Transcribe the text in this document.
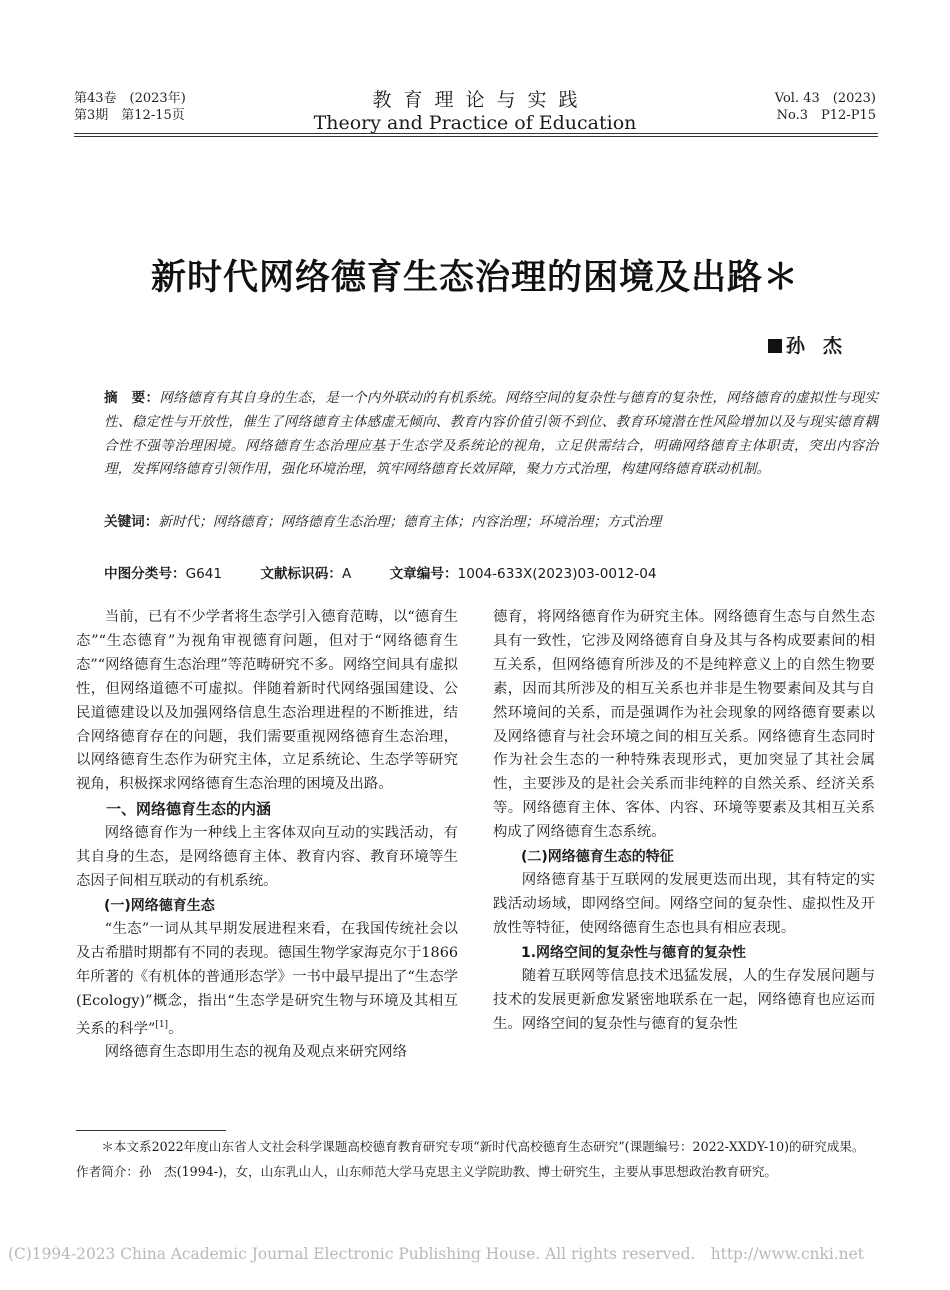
第43卷　(2023年)
第3期　第12-15页
教育理论与实践
Theory and Practice of Education
Vol. 43　(2023)
No.3　P12-P15
新时代网络德育生态治理的困境及出路＊
孙杰
摘　要：网络德育有其自身的生态，是一个内外联动的有机系统。网络空间的复杂性与德育的复杂性，网络德育的虚拟性与现实性、稳定性与开放性，催生了网络德育主体感虚无倾向、教育内容价值引领不到位、教育环境潜在性风险增加以及与现实德育耦合性不强等治理困境。网络德育生态治理应基于生态学及系统论的视角，立足供需结合，明确网络德育主体职责，突出内容治理，发挥网络德育引领作用，强化环境治理，筑牢网络德育长效屏障，聚力方式治理，构建网络德育联动机制。
关键词：新时代；网络德育；网络德育生态治理；德育主体；内容治理；环境治理；方式治理
中图分类号：G641	文献标识码：A	文章编号：1004-633X(2023)03-0012-04

当前，已有不少学者将生态学引入德育范畴，以“德育生态”“生态德育”为视角审视德育问题，但对于“网络德育生态”“网络德育生态治理”等范畴研究不多。网络空间具有虚拟性，但网络道德不可虚拟。伴随着新时代网络强国建设、公民道德建设以及加强网络信息生态治理进程的不断推进，结合网络德育存在的问题，我们需要重视网络德育生态治理，以网络德育生态作为研究主体，立足系统论、生态学等研究视角，积极探求网络德育生态治理的困境及出路。

一、网络德育生态的内涵

网络德育作为一种线上主客体双向互动的实践活动，有其自身的生态，是网络德育主体、教育内容、教育环境等生态因子间相互联动的有机系统。

(一)网络德育生态

“生态”一词从其早期发展进程来看，在我国传统社会以及古希腊时期都有不同的表现。德国生物学家海克尔于1866年所著的《有机体的普通形态学》一书中最早提出了“生态学(Ecology)”概念，指出“生态学是研究生物与环境及其相互关系的科学”[1]。

网络德育生态即用生态的视角及观点来研究网络

德育，将网络德育作为研究主体。网络德育生态与自然生态具有一致性，它涉及网络德育自身及其与各构成要素间的相互关系，但网络德育所涉及的不是纯粹意义上的自然生物要素，因而其所涉及的相互关系也并非是生物要素间及其与自然环境间的关系，而是强调作为社会现象的网络德育要素以及网络德育与社会环境之间的相互关系。网络德育生态同时作为社会生态的一种特殊表现形式，更加突显了其社会属性，主要涉及的是社会关系而非纯粹的自然关系、经济关系等。网络德育主体、客体、内容、环境等要素及其相互关系构成了网络德育生态系统。

(二)网络德育生态的特征

网络德育基于互联网的发展更迭而出现，其有特定的实践活动场域，即网络空间。网络空间的复杂性、虚拟性及开放性等特征，使网络德育生态也具有相应表现。

1.网络空间的复杂性与德育的复杂性

随着互联网等信息技术迅猛发展，人的生存发展问题与技术的发展更新愈发紧密地联系在一起，网络德育也应运而生。网络空间的复杂性与德育的复杂性

＊本文系2022年度山东省人文社会科学课题高校德育教育研究专项“新时代高校德育生态研究”(课题编号：2022-XXDY-10)的研究成果。

作者简介：孙　杰(1994-)，女，山东乳山人，山东师范大学马克思主义学院助教、博士研究生，主要从事思想政治教育研究。

(C)1994-2023 China Academic Journal Electronic Publishing House. All rights reserved.　http://www.cnki.net
